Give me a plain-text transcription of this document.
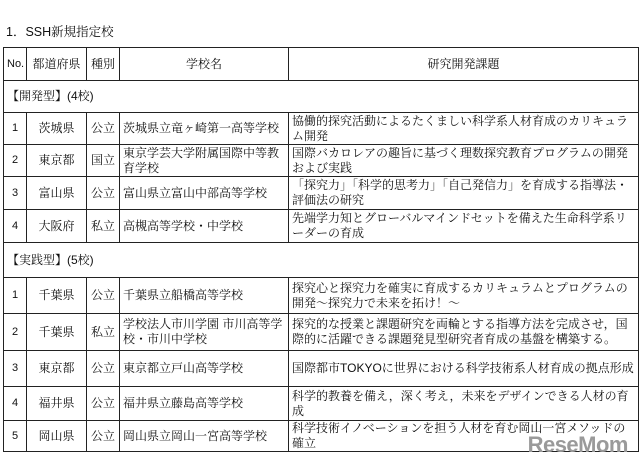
1．SSH新規指定校
No.	都道府県	種別	学校名	研究開発課題
【開発型】(4校)				
1	茨城県	公立	茨城県立竜ヶ崎第一高等学校	協働的探究活動によるたくましい科学系人材育成のカリキュラム開発
2	東京都	国立	東京学芸大学附属国際中等教育学校	国際バカロレアの趣旨に基づく理数探究教育プログラムの開発および実践
3	富山県	公立	富山県立富山中部高等学校	「探究力」「科学的思考力」「自己発信力」を育成する指導法・評価法の研究
4	大阪府	私立	高槻高等学校・中学校	先端学力知とグローバルマインドセットを備えた生命科学系リーダーの育成
【実践型】(5校)				
1	千葉県	公立	千葉県立船橋高等学校	探究心と探究力を確実に育成するカリキュラムとプログラムの開発～探究力で未来を拓け！～
2	千葉県	私立	学校法人市川学園 市川高等学校・市川中学校	探究的な授業と課題研究を両輪とする指導方法を完成させ，国際的に活躍できる課題発見型研究者育成の基盤を構築する。
3	東京都	公立	東京都立戸山高等学校	国際都市TOKYOに世界における科学技術系人材育成の拠点形成
4	福井県	公立	福井県立藤島高等学校	科学的教養を備え，深く考え，未来をデザインできる人材の育成
5	岡山県	公立	岡山県立岡山一宮高等学校	科学技術イノベーションを担う人材を育む岡山一宮メソッドの確立	ReseMom
